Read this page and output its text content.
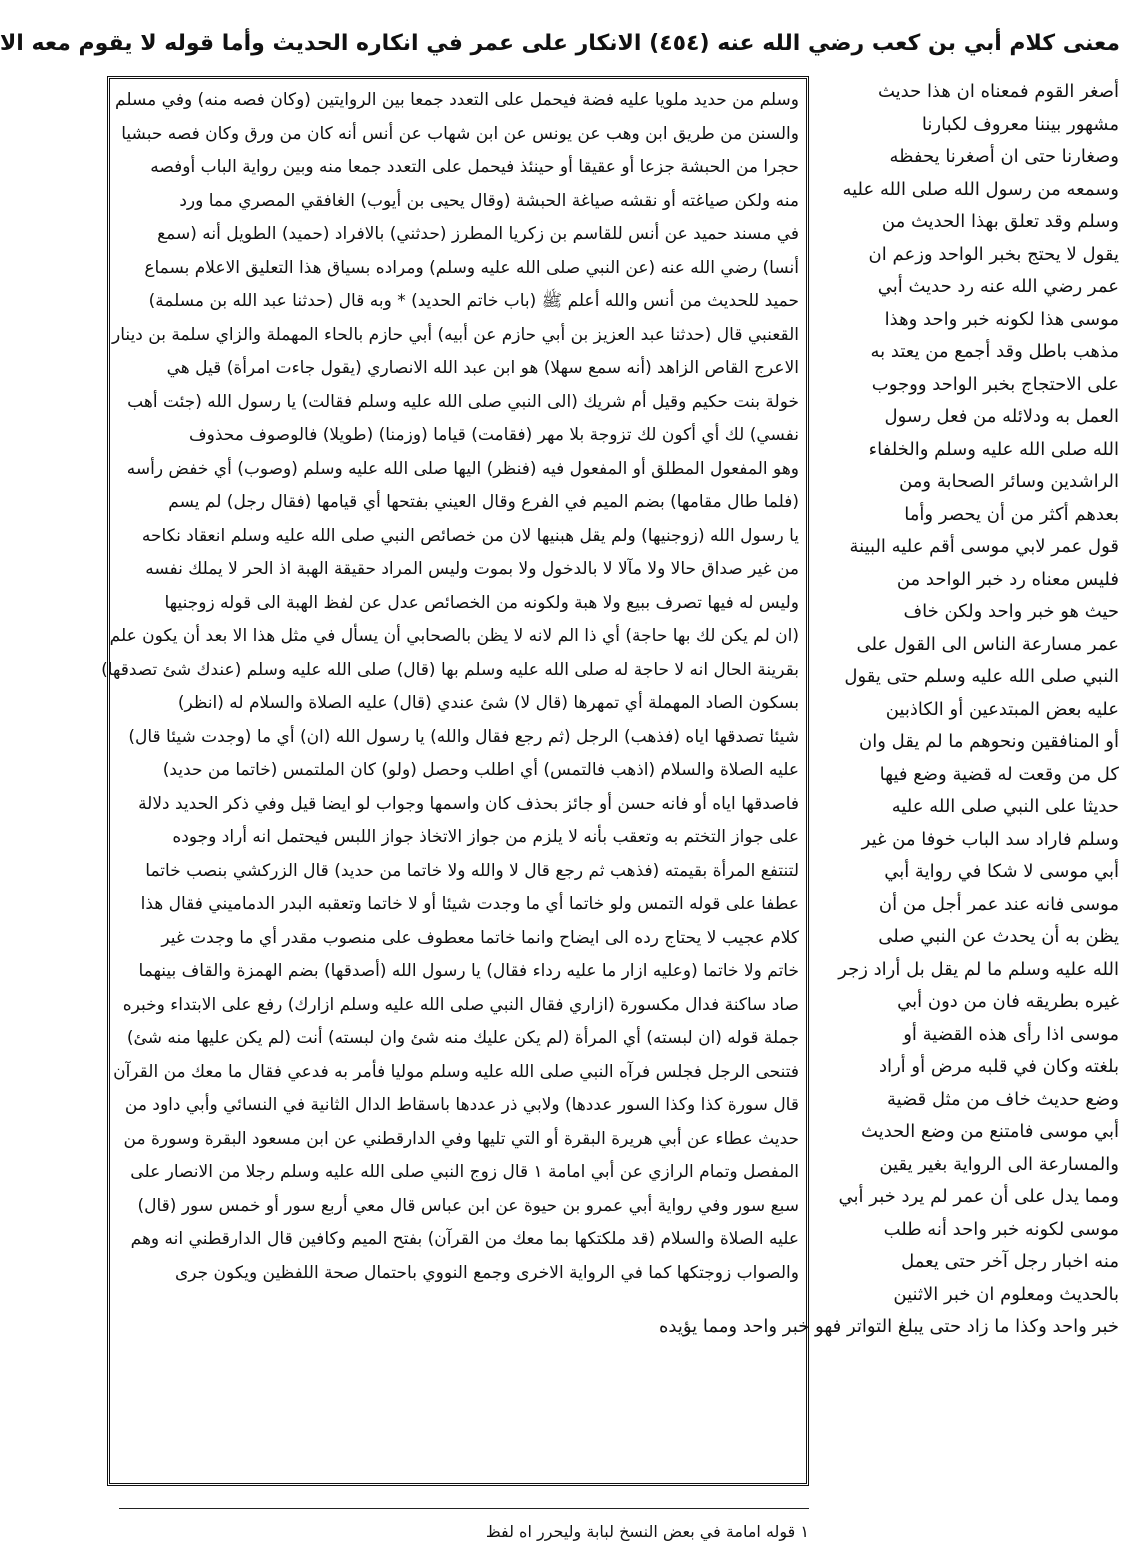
معنى كلام أبي بن كعب رضي الله عنه (٤٥٤) الانكار على عمر في انكاره الحديث وأما قوله لا يقوم معه الا
وسلم من حديد ملويا عليه فضة فيحمل على التعدد جمعا بين الروايتين (وكان فصه منه) وفي مسلم
والسنن من طريق ابن وهب عن يونس عن ابن شهاب عن أنس أنه كان من ورق وكان فصه حبشيا
حجرا من الحبشة جزعا أو عقيقا أو حينئذ فيحمل على التعدد جمعا منه وبين رواية الباب أوفصه
منه ولكن صياغته أو نقشه صياغة الحبشة (وقال يحيى بن أيوب) الغافقي المصري مما ورد
في مسند حميد عن أنس للقاسم بن زكريا المطرز (حدثني) بالافراد (حميد) الطويل أنه (سمع
أنسا) رضي الله عنه (عن النبي صلى الله عليه وسلم) ومراده بسياق هذا التعليق الاعلام بسماع
حميد للحديث من أنس والله أعلم ﷺ (باب خاتم الحديد) * وبه قال (حدثنا عبد الله بن مسلمة)
القعنبي قال (حدثنا عبد العزيز بن أبي حازم عن أبيه) أبي حازم بالحاء المهملة والزاي سلمة بن دينار
الاعرج القاص الزاهد (أنه سمع سهلا) هو ابن عبد الله الانصاري (يقول جاءت امرأة) قيل هي
خولة بنت حكيم وقيل أم شريك (الى النبي صلى الله عليه وسلم فقالت) يا رسول الله (جئت أهب
نفسي) لك أي أكون لك تزوجة بلا مهر (فقامت) قياما (وزمنا) (طويلا) فالوصوف محذوف
وهو المفعول المطلق أو المفعول فيه (فنظر) اليها صلى الله عليه وسلم (وصوب) أي خفض رأسه
(فلما طال مقامها) بضم الميم في الفرع وقال العيني بفتحها أي قيامها (فقال رجل) لم يسم
يا رسول الله (زوجنيها) ولم يقل هبنيها لان من خصائص النبي صلى الله عليه وسلم انعقاد نكاحه
من غير صداق حالا ولا مآلا لا بالدخول ولا بموت وليس المراد حقيقة الهبة اذ الحر لا يملك نفسه
وليس له فيها تصرف ببيع ولا هبة ولكونه من الخصائص عدل عن لفظ الهبة الى قوله زوجنيها
(ان لم يكن لك بها حاجة) أي ذا الم لانه لا يظن بالصحابي أن يسأل في مثل هذا الا بعد أن يكون علم
بقرينة الحال انه لا حاجة له صلى الله عليه وسلم بها (قال) صلى الله عليه وسلم (عندك شئ تصدقها)
بسكون الصاد المهملة أي تمهرها (قال لا) شئ عندي (قال) عليه الصلاة والسلام له (انظر)
شيئا تصدقها اياه (فذهب) الرجل (ثم رجع فقال والله) يا رسول الله (ان) أي ما (وجدت شيئا قال)
عليه الصلاة والسلام (اذهب فالتمس) أي اطلب وحصل (ولو) كان الملتمس (خاتما من حديد)
فاصدقها اياه أو فانه حسن أو جائز بحذف كان واسمها وجواب لو ايضا قيل وفي ذكر الحديد دلالة
على جواز التختم به وتعقب بأنه لا يلزم من جواز الاتخاذ جواز اللبس فيحتمل انه أراد وجوده
لتنتفع المرأة بقيمته (فذهب ثم رجع قال لا والله ولا خاتما من حديد) قال الزركشي بنصب خاتما
عطفا على قوله التمس ولو خاتما أي ما وجدت شيئا أو لا خاتما وتعقبه البدر الدماميني فقال هذا
كلام عجيب لا يحتاج رده الى ايضاح وانما خاتما معطوف على منصوب مقدر أي ما وجدت غير
خاتم ولا خاتما (وعليه ازار ما عليه رداء فقال) يا رسول الله (أصدقها) بضم الهمزة والقاف بينهما
صاد ساكنة فدال مكسورة (ازاري فقال النبي صلى الله عليه وسلم ازارك) رفع على الابتداء وخبره
جملة قوله (ان لبسته) أي المرأة (لم يكن عليك منه شئ وان لبسته) أنت (لم يكن عليها منه شئ)
فتنحى الرجل فجلس فرآه النبي صلى الله عليه وسلم موليا فأمر به فدعي فقال ما معك من القرآن
قال سورة كذا وكذا السور عددها) ولابي ذر عددها باسقاط الدال الثانية في النسائي وأبي داود من
حديث عطاء عن أبي هريرة البقرة أو التي تليها وفي الدارقطني عن ابن مسعود البقرة وسورة من
المفصل وتمام الرازي عن أبي امامة ١ قال زوج النبي صلى الله عليه وسلم رجلا من الانصار على
سبع سور وفي رواية أبي عمرو بن حيوة عن ابن عباس قال معي أربع سور أو خمس سور (قال)
عليه الصلاة والسلام (قد ملكتكها بما معك من القرآن) بفتح الميم وكافين قال الدارقطني انه وهم
والصواب زوجتكها كما في الرواية الاخرى وجمع النووي باحتمال صحة اللفظين ويكون جرى
أصغر القوم فمعناه ان هذا حديث
مشهور بيننا معروف لكبارنا
وصغارنا حتى ان أصغرنا يحفظه
وسمعه من رسول الله صلى الله عليه
وسلم وقد تعلق بهذا الحديث من
يقول لا يحتج بخبر الواحد وزعم ان
عمر رضي الله عنه رد حديث أبي
موسى هذا لكونه خبر واحد وهذا
مذهب باطل وقد أجمع من يعتد به
على الاحتجاج بخبر الواحد ووجوب
العمل به ودلائله من فعل رسول
الله صلى الله عليه وسلم والخلفاء
الراشدين وسائر الصحابة ومن
بعدهم أكثر من أن يحصر وأما
قول عمر لابي موسى أقم عليه البينة
فليس معناه رد خبر الواحد من
حيث هو خبر واحد ولكن خاف
عمر مسارعة الناس الى القول على
النبي صلى الله عليه وسلم حتى يقول
عليه بعض المبتدعين أو الكاذبين
أو المنافقين ونحوهم ما لم يقل وان
كل من وقعت له قضية وضع فيها
حديثا على النبي صلى الله عليه
وسلم فاراد سد الباب خوفا من غير
أبي موسى لا شكا في رواية أبي
موسى فانه عند عمر أجل من أن
يظن به أن يحدث عن النبي صلى
الله عليه وسلم ما لم يقل بل أراد زجر
غيره بطريقه فان من دون أبي
موسى اذا رأى هذه القضية أو
بلغته وكان في قلبه مرض أو أراد
وضع حديث خاف من مثل قضية
أبي موسى فامتنع من وضع الحديث
والمسارعة الى الرواية بغير يقين
ومما يدل على أن عمر لم يرد خبر أبي
موسى لكونه خبر واحد أنه طلب
منه اخبار رجل آخر حتى يعمل
بالحديث ومعلوم ان خبر الاثنين
خبر واحد وكذا ما زاد حتى يبلغ التواتر فهو خبر واحد ومما يؤيده
١ قوله امامة في بعض النسخ لبابة وليحرر اه لفظ
